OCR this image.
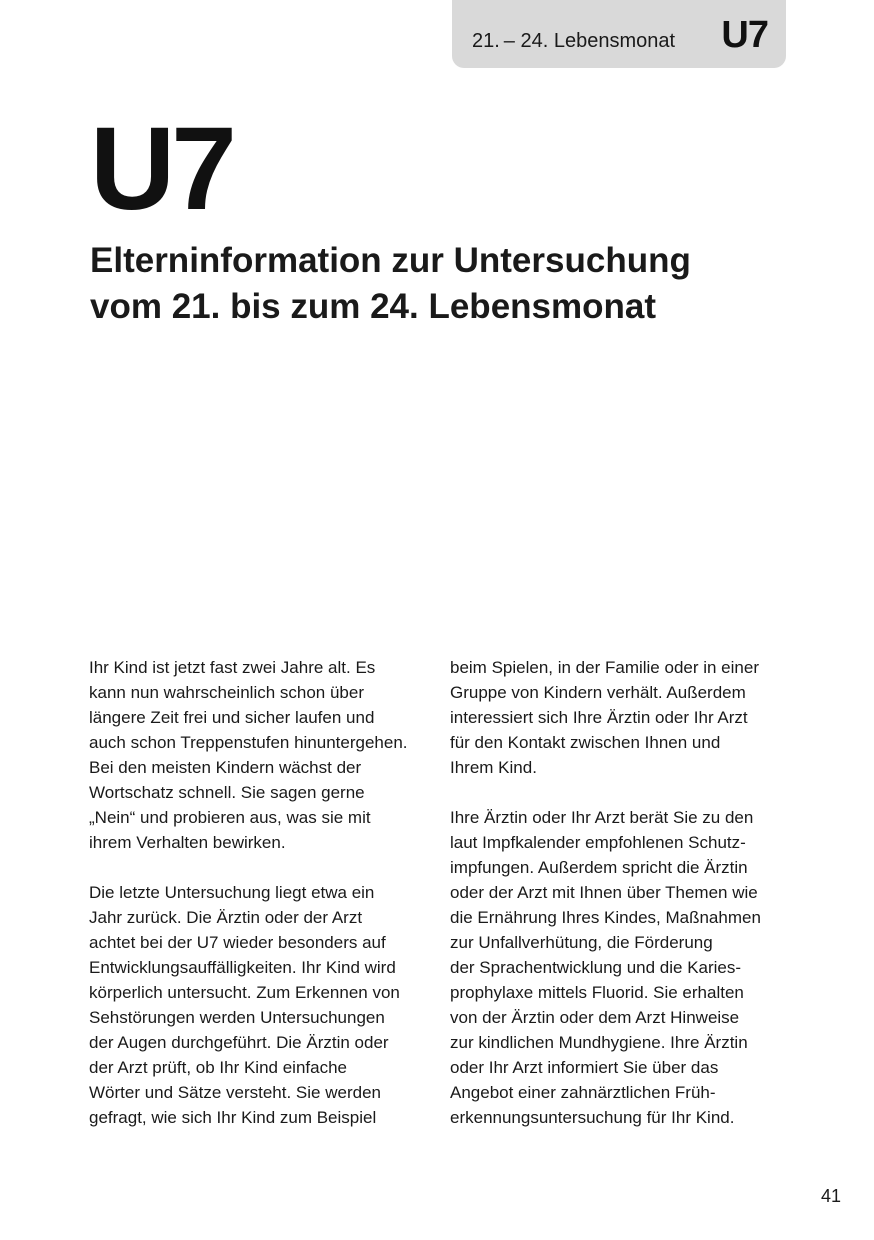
21. – 24. Lebensmonat U7
U7
Elterninformation zur Untersuchung
vom 21. bis zum 24. Lebensmonat

Ihr Kind ist jetzt fast zwei Jahre alt. Es
kann nun wahrscheinlich schon über
längere Zeit frei und sicher laufen und
auch schon Treppenstufen hinuntergehen.
Bei den meisten Kindern wächst der
Wortschatz schnell. Sie sagen gerne
„Nein“ und probieren aus, was sie mit
ihrem Verhalten bewirken.

Die letzte Untersuchung liegt etwa ein
Jahr zurück. Die Ärztin oder der Arzt
achtet bei der U7 wieder besonders auf
Entwicklungsauffälligkeiten. Ihr Kind wird
körperlich untersucht. Zum Erkennen von
Sehstörungen werden Untersuchungen
der Augen durchgeführt. Die Ärztin oder
der Arzt prüft, ob Ihr Kind einfache
Wörter und Sätze versteht. Sie werden
gefragt, wie sich Ihr Kind zum Beispiel

beim Spielen, in der Familie oder in einer
Gruppe von Kindern verhält. Außerdem
interessiert sich Ihre Ärztin oder Ihr Arzt
für den Kontakt zwischen Ihnen und
Ihrem Kind.

Ihre Ärztin oder Ihr Arzt berät Sie zu den
laut Impfkalender empfohlenen Schutz-
impfungen. Außerdem spricht die Ärztin
oder der Arzt mit Ihnen über Themen wie
die Ernährung Ihres Kindes, Maßnahmen
zur Unfallverhütung, die Förderung
der Sprachentwicklung und die Karies-
prophylaxe mittels Fluorid. Sie erhalten
von der Ärztin oder dem Arzt Hinweise
zur kindlichen Mundhygiene. Ihre Ärztin
oder Ihr Arzt informiert Sie über das
Angebot einer zahnärztlichen Früh-
erkennungsuntersuchung für Ihr Kind.

41
